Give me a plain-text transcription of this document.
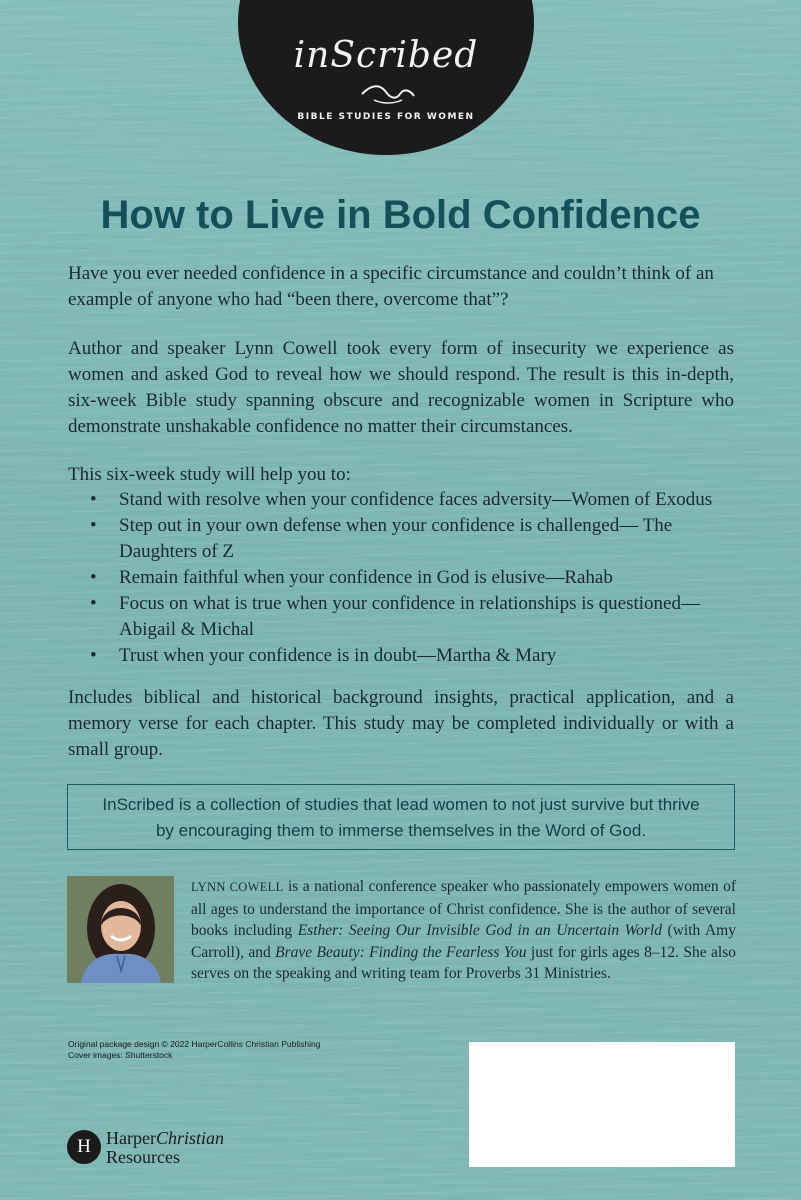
inScribed
BIBLE STUDIES FOR WOMEN
How to Live in Bold Confidence

Have you ever needed confidence in a specific circumstance and couldn’t think of an example of anyone who had “been there, overcome that”?

Author and speaker Lynn Cowell took every form of insecurity we experience as women and asked God to reveal how we should respond. The result is this in-depth, six-week Bible study spanning obscure and recognizable women in Scripture who demonstrate unshakable confidence no matter their circumstances.

This six-week study will help you to:

• Stand with resolve when your confidence faces adversity—Women of Exodus
• Step out in your own defense when your confidence is challenged— The Daughters of Z
• Remain faithful when your confidence in God is elusive—Rahab
• Focus on what is true when your confidence in relationships is questioned— Abigail & Michal
• Trust when your confidence is in doubt—Martha & Mary

Includes biblical and historical background insights, practical application, and a memory verse for each chapter. This study may be completed individually or with a small group.

InScribed is a collection of studies that lead women to not just survive but thrive
by encouraging them to immerse themselves in the Word of God.
LYNN COWELL is a national conference speaker who passionately empowers women of all ages to understand the importance of Christ confidence. She is the author of several books including Esther: Seeing Our Invisible God in an Uncertain World (with Amy Carroll), and Brave Beauty: Finding the Fearless You just for girls ages 8–12. She also serves on the speaking and writing team for Proverbs 31 Ministries.
Original package design © 2022 HarperCollins Christian Publishing
Cover images: Shutterstock
H HarperChristian
Resources
